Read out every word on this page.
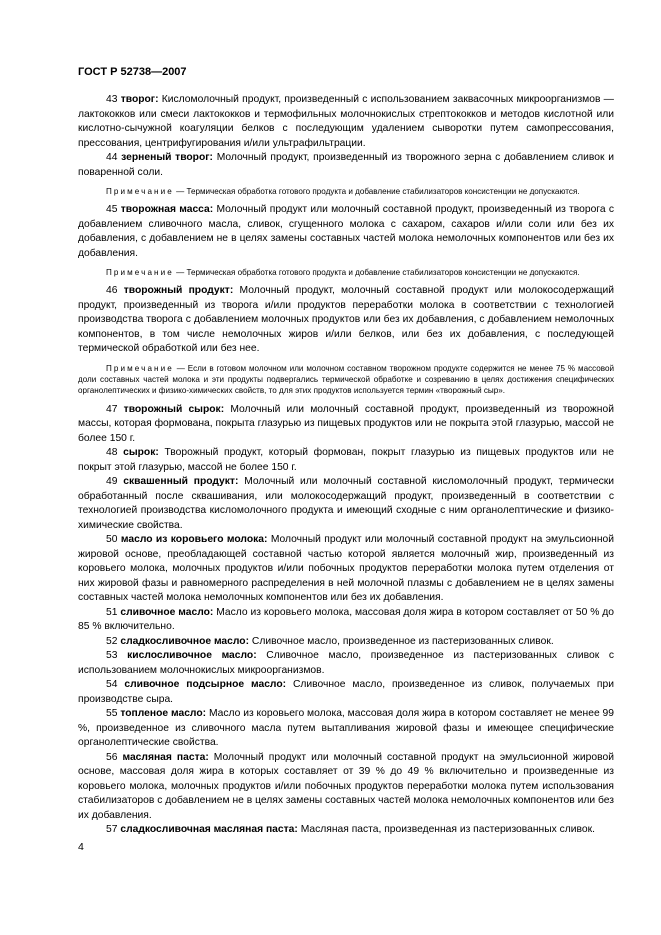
ГОСТ Р 52738—2007

43 творог: Кисломолочный продукт, произведенный с использованием заквасочных микроорганизмов — лактококков или смеси лактококков и термофильных молочнокислых стрептококков и методов кислотной или кислотно-сычужной коагуляции белков с последующим удалением сыворотки путем самопрессования, прессования, центрифугирования и/или ультрафильтрации.

44 зерненый творог: Молочный продукт, произведенный из творожного зерна с добавлением сливок и поваренной соли.

Примечание — Термическая обработка готового продукта и добавление стабилизаторов консистенции не допускаются.

45 творожная масса: Молочный продукт или молочный составной продукт, произведенный из творога с добавлением сливочного масла, сливок, сгущенного молока с сахаром, сахаров и/или соли или без их добавления, с добавлением не в целях замены составных частей молока немолочных компонентов или без их добавления.

Примечание — Термическая обработка готового продукта и добавление стабилизаторов консистенции не допускаются.

46 творожный продукт: Молочный продукт, молочный составной продукт или молокосодержащий продукт, произведенный из творога и/или продуктов переработки молока в соответствии с технологией производства творога с добавлением молочных продуктов или без их добавления, с добавлением немолочных компонентов, в том числе немолочных жиров и/или белков, или без их добавления, с последующей термической обработкой или без нее.

Примечание — Если в готовом молочном или молочном составном творожном продукте содержится не менее 75 % массовой доли составных частей молока и эти продукты подвергались термической обработке и созреванию в целях достижения специфических органолептических и физико-химических свойств, то для этих продуктов используется термин «творожный сыр».

47 творожный сырок: Молочный или молочный составной продукт, произведенный из творожной массы, которая формована, покрыта глазурью из пищевых продуктов или не покрыта этой глазурью, массой не более 150 г.

48 сырок: Творожный продукт, который формован, покрыт глазурью из пищевых продуктов или не покрыт этой глазурью, массой не более 150 г.

49 сквашенный продукт: Молочный или молочный составной кисломолочный продукт, термически обработанный после сквашивания, или молокосодержащий продукт, произведенный в соответствии с технологией производства кисломолочного продукта и имеющий сходные с ним органолептические и физико-химические свойства.

50 масло из коровьего молока: Молочный продукт или молочный составной продукт на эмульсионной жировой основе, преобладающей составной частью которой является молочный жир, произведенный из коровьего молока, молочных продуктов и/или побочных продуктов переработки молока путем отделения от них жировой фазы и равномерного распределения в ней молочной плазмы с добавлением не в целях замены составных частей молока немолочных компонентов или без их добавления.

51 сливочное масло: Масло из коровьего молока, массовая доля жира в котором составляет от 50 % до 85 % включительно.

52 сладкосливочное масло: Сливочное масло, произведенное из пастеризованных сливок.

53 кислосливочное масло: Сливочное масло, произведенное из пастеризованных сливок с использованием молочнокислых микроорганизмов.

54 сливочное подсырное масло: Сливочное масло, произведенное из сливок, получаемых при производстве сыра.

55 топленое масло: Масло из коровьего молока, массовая доля жира в котором составляет не менее 99 %, произведенное из сливочного масла путем вытапливания жировой фазы и имеющее специфические органолептические свойства.

56 масляная паста: Молочный продукт или молочный составной продукт на эмульсионной жировой основе, массовая доля жира в которых составляет от 39 % до 49 % включительно и произведенные из коровьего молока, молочных продуктов и/или побочных продуктов переработки молока путем использования стабилизаторов с добавлением не в целях замены составных частей молока немолочных компонентов или без их добавления.

57 сладкосливочная масляная паста: Масляная паста, произведенная из пастеризованных сливок.

4
